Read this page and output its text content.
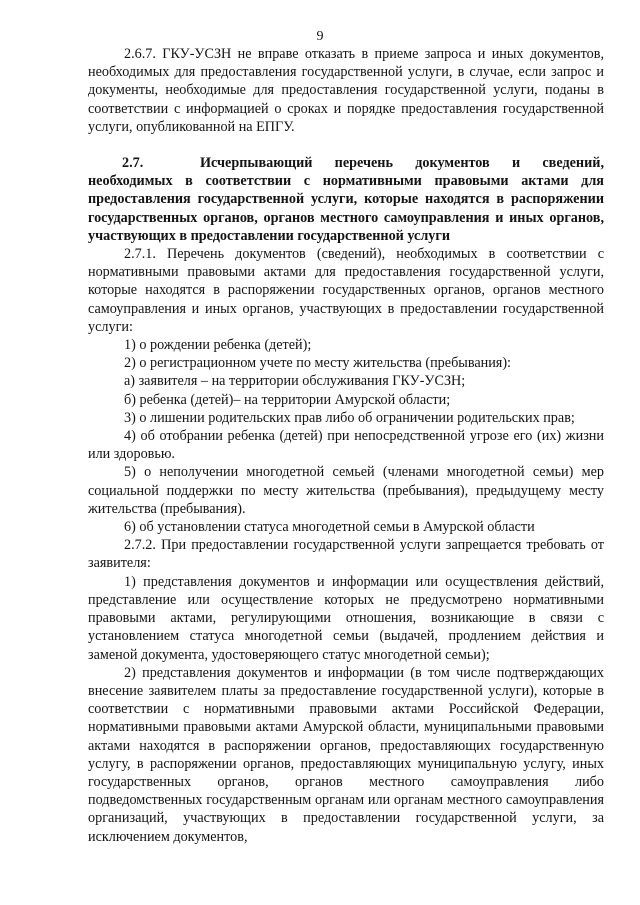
9

2.6.7. ГКУ-УСЗН не вправе отказать в приеме запроса и иных документов, необходимых для предоставления государственной услуги, в случае, если запрос и документы, необходимые для предоставления государственной услуги, поданы в соответствии с информацией о сроках и порядке предоставления государственной услуги, опубликованной на ЕПГУ.

2.7.	Исчерпывающий перечень документов и сведений, необходимых в соответствии с нормативными правовыми актами для предоставления государственной услуги, которые находятся в распоряжении государственных органов, органов местного самоуправления и иных органов, участвующих в предоставлении государственной услуги

2.7.1. Перечень документов (сведений), необходимых в соответствии с нормативными правовыми актами для предоставления государственной услуги, которые находятся в распоряжении государственных органов, органов местного самоуправления и иных органов, участвующих в предоставлении государственной услуги:

1) о рождении ребенка (детей);

2) о регистрационном учете по месту жительства (пребывания):

а) заявителя – на территории обслуживания ГКУ-УСЗН;

б) ребенка (детей)– на территории Амурской области;

3) о лишении родительских прав либо об ограничении родительских прав;

4) об отобрании ребенка (детей) при непосредственной угрозе его (их) жизни или здоровью.

5) о неполучении многодетной семьей (членами многодетной семьи) мер социальной поддержки по месту жительства (пребывания), предыдущему месту жительства (пребывания).

6) об установлении статуса многодетной семьи в Амурской области

2.7.2. При предоставлении государственной услуги запрещается требовать от заявителя:

1) представления документов и информации или осуществления действий, представление или осуществление которых не предусмотрено нормативными правовыми актами, регулирующими отношения, возникающие в связи с установлением статуса многодетной семьи (выдачей, продлением действия и заменой документа, удостоверяющего статус многодетной семьи);

2) представления документов и информации (в том числе подтверждающих внесение заявителем платы за предоставление государственной услуги), которые в соответствии с нормативными правовыми актами Российской Федерации, нормативными правовыми актами Амурской области, муниципальными правовыми актами находятся в распоряжении органов, предоставляющих государственную услугу, в распоряжении органов, предоставляющих муниципальную услугу, иных государственных органов, органов местного самоуправления либо подведомственных государственным органам или органам местного самоуправления организаций, участвующих в предоставлении государственной услуги, за исключением документов,
